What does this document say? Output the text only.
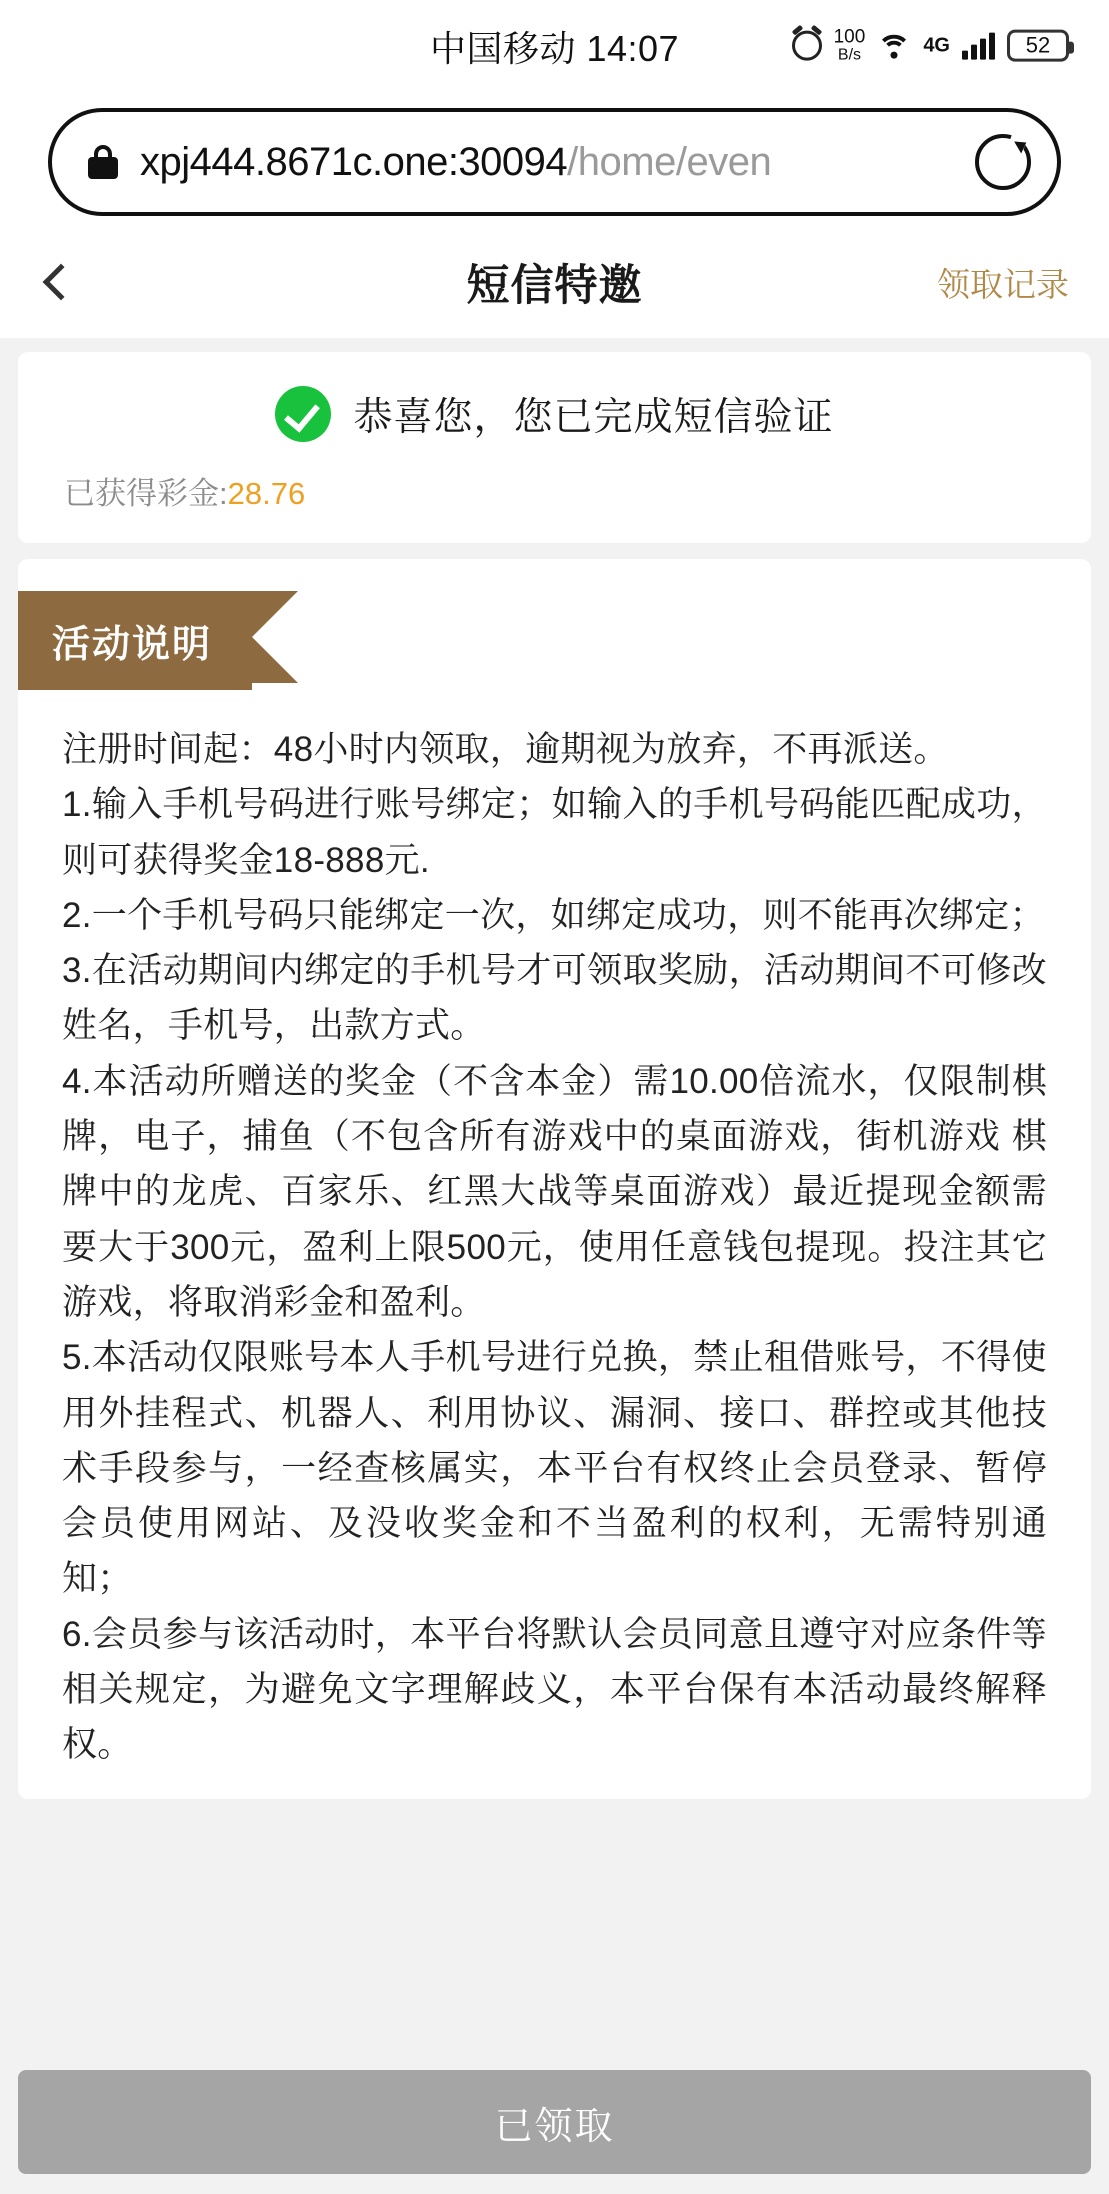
中国移动 14:07	100
B/s	4G	52
xpj444.8671c.one:30094/home/even
短信特邀	领取记录
恭喜您，您已完成短信验证
已获得彩金:28.76
活动说明

注册时间起：48小时内领取，逾期视为放弃，不再派送。

1.输入手机号码进行账号绑定；如输入的手机号码能匹配成功，则可获得奖金18-888元.

2.一个手机号码只能绑定一次，如绑定成功，则不能再次绑定；

3.在活动期间内绑定的手机号才可领取奖励，活动期间不可修改姓名，手机号，出款方式。

4.本活动所赠送的奖金（不含本金）需10.00倍流水，仅限制棋牌，电子，捕鱼（不包含所有游戏中的桌面游戏，街机游戏 棋牌中的龙虎、百家乐、红黑大战等桌面游戏）最近提现金额需要大于300元，盈利上限500元，使用任意钱包提现。投注其它游戏，将取消彩金和盈利。

5.本活动仅限账号本人手机号进行兑换，禁止租借账号，不得使用外挂程式、机器人、利用协议、漏洞、接口、群控或其他技术手段参与，一经查核属实，本平台有权终止会员登录、暂停会员使用网站、及没收奖金和不当盈利的权利，无需特别通知；

6.会员参与该活动时，本平台将默认会员同意且遵守对应条件等相关规定，为避免文字理解歧义，本平台保有本活动最终解释权。

已领取
